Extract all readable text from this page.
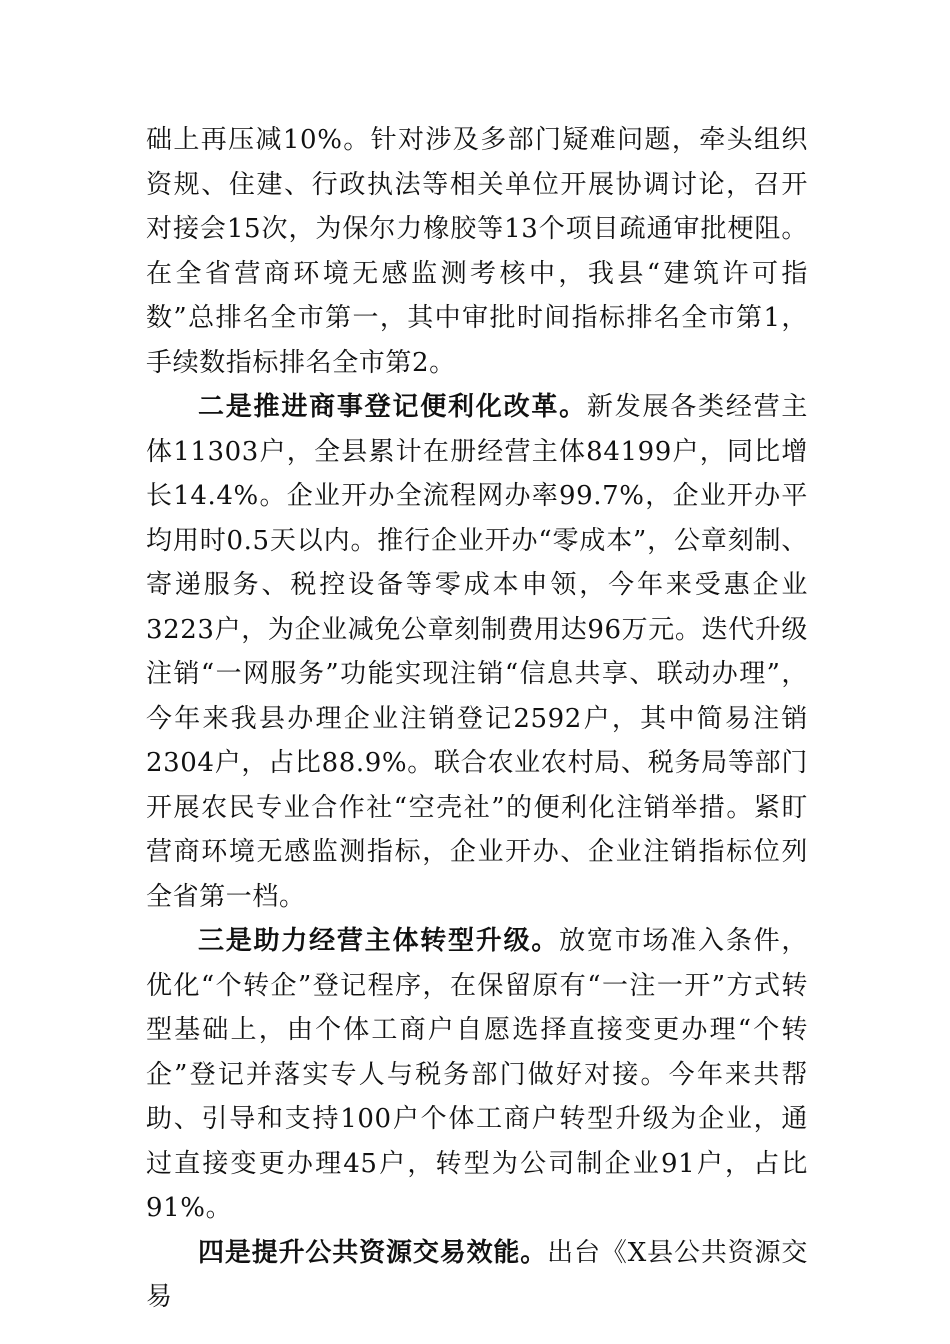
础上再压减10%。针对涉及多部门疑难问题，牵头组织资规、住建、行政执法等相关单位开展协调讨论，召开对接会15次，为保尔力橡胶等13个项目疏通审批梗阻。在全省营商环境无感监测考核中，我县“建筑许可指数”总排名全市第一，其中审批时间指标排名全市第1，手续数指标排名全市第2。

二是推进商事登记便利化改革。新发展各类经营主体11303户，全县累计在册经营主体84199户，同比增长14.4%。企业开办全流程网办率99.7%，企业开办平均用时0.5天以内。推行企业开办“零成本”，公章刻制、寄递服务、税控设备等零成本申领，今年来受惠企业3223户，为企业减免公章刻制费用达96万元。迭代升级注销“一网服务”功能实现注销“信息共享、联动办理”，今年来我县办理企业注销登记2592户，其中简易注销2304户，占比88.9%。联合农业农村局、税务局等部门开展农民专业合作社“空壳社”的便利化注销举措。紧盯营商环境无感监测指标，企业开办、企业注销指标位列全省第一档。

三是助力经营主体转型升级。放宽市场准入条件，优化“个转企”登记程序，在保留原有“一注一开”方式转型基础上，由个体工商户自愿选择直接变更办理“个转企”登记并落实专人与税务部门做好对接。今年来共帮助、引导和支持100户个体工商户转型升级为企业，通过直接变更办理45户，转型为公司制企业91户，占比91%。

四是提升公共资源交易效能。出台《X县公共资源交易
